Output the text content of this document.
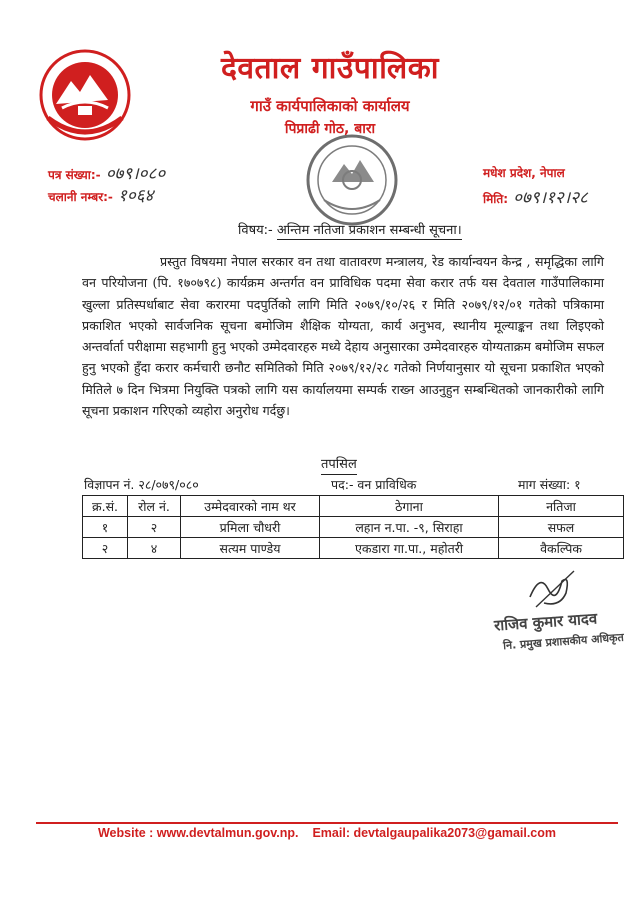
देवताल गाउँपालिका
गाउँ कार्यपालिकाको कार्यालय
पिप्राढी गोठ, बारा
पत्र संख्या:- ०७९।०८०
चलानी नम्बर:- १०६४
मधेश प्रदेश, नेपाल
मिति: ०७९।१२।२८
विषय:- अन्तिम नतिजा प्रकाशन सम्बन्धी सूचना।
प्रस्तुत विषयमा नेपाल सरकार वन तथा वातावरण मन्त्रालय, रेड कार्यान्वयन केन्द्र , समृद्धिका लागि वन परियोजना (पि. १७०७९८) कार्यक्रम अन्तर्गत वन प्राविधिक पदमा सेवा करार तर्फ यस देवताल गाउँपालिकामा खुल्ला प्रतिस्पर्धाबाट सेवा करारमा पदपुर्तिको लागि मिति २०७९/१०/२६ र मिति २०७९/१२/०१ गतेको पत्रिकामा प्रकाशित भएको सार्वजनिक सूचना बमोजिम शैक्षिक योग्यता, कार्य अनुभव, स्थानीय मूल्याङ्कन तथा लिइएको अन्तर्वार्ता परीक्षामा सहभागी हुनु भएको उम्मेदवारहरु मध्ये देहाय अनुसारका उम्मेदवारहरु योग्यताक्रम बमोजिम सफल हुनु भएको हुँदा करार कर्मचारी छनौट समितिको मिति २०७९/१२/२८ गतेको निर्णयानुसार यो सूचना प्रकाशित भएको मितिले ७ दिन भित्रमा नियुक्ति पत्रको लागि यस कार्यालयमा सम्पर्क राख्न आउनुहुन सम्बन्धितको जानकारीको लागि सूचना प्रकाशन गरिएको व्यहोरा अनुरोध गर्दछु।
तपसिल
विज्ञापन नं. २८/०७९/०८०	पद:- वन प्राविधिक	माग संख्या: १
क्र.सं.	रोल नं.	उम्मेदवारको नाम थर	ठेगाना	नतिजा
१	२	प्रमिला चौधरी	लहान न.पा. -९, सिराहा	सफल
२	४	सत्यम पाण्डेय	एकडारा गा.पा., महोतरी	वैकल्पिक
राजिव कुमार यादव
नि. प्रमुख प्रशासकीय अधिकृत
Website : www.devtalmun.gov.np. Email: devtalgaupalika2073@gamail.com
